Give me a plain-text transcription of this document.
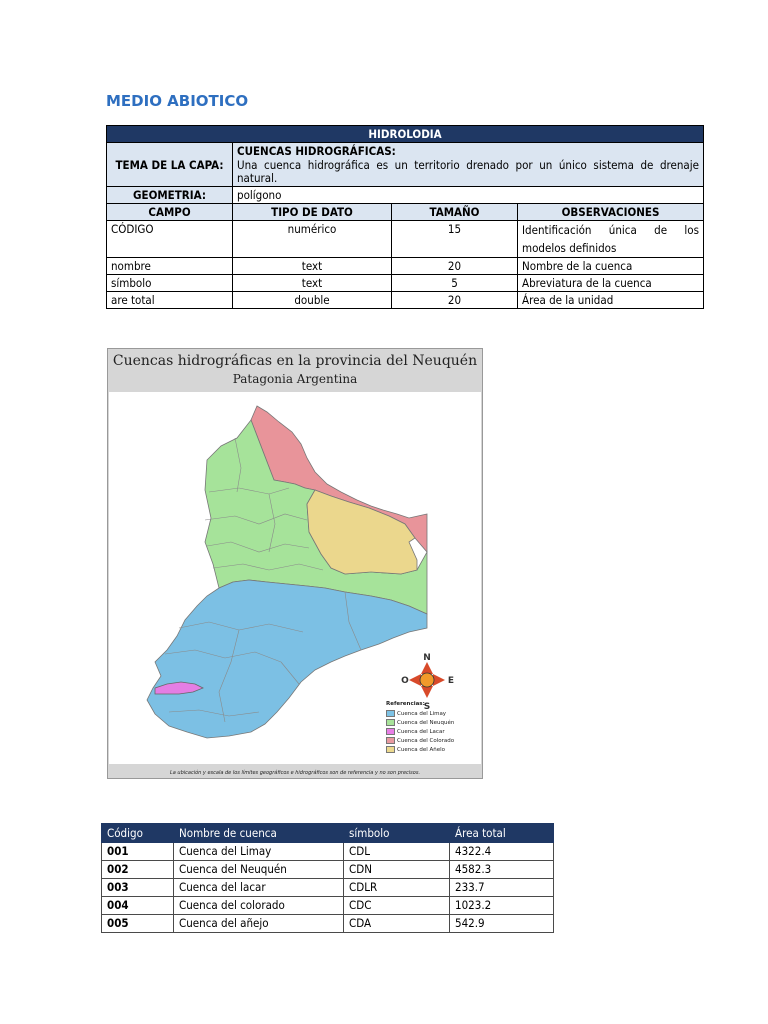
MEDIO ABIOTICO
HIDROLODIA			
TEMA DE LA CAPA:	CUENCAS HIDROGRÁFICAS:
Una cuenca hidrográfica es un territorio drenado por un único sistema de drenaje natural.		

GEOMETRIA:	polígono		
CAMPO	TIPO DE DATO	TAMAÑO	OBSERVACIONES
CÓDIGO	numérico	15	Identificación única de los modelos definidos
nombre	text	20	Nombre de la cuenca
símbolo	text	5	Abreviatura de la cuenca
are total	double	20	Área de la unidad
Cuencas hidrográficas en la provincia del Neuquén
Patagonia Argentina
N
S
E
O
Referencias:
Cuenca del Limay
Cuenca del Neuquén
Cuenca del Lacar
Cuenca del Colorado
Cuenca del Añelo
La ubicación y escala de los límites geográficos e hidrográficos son de referencia y no son precisos.
Código	Nombre de cuenca	símbolo	Área total
001	Cuenca del Limay	CDL	4322.4
002	Cuenca del Neuquén	CDN	4582.3
003	Cuenca del lacar	CDLR	233.7
004	Cuenca del colorado	CDC	1023.2
005	Cuenca del añejo	CDA	542.9
